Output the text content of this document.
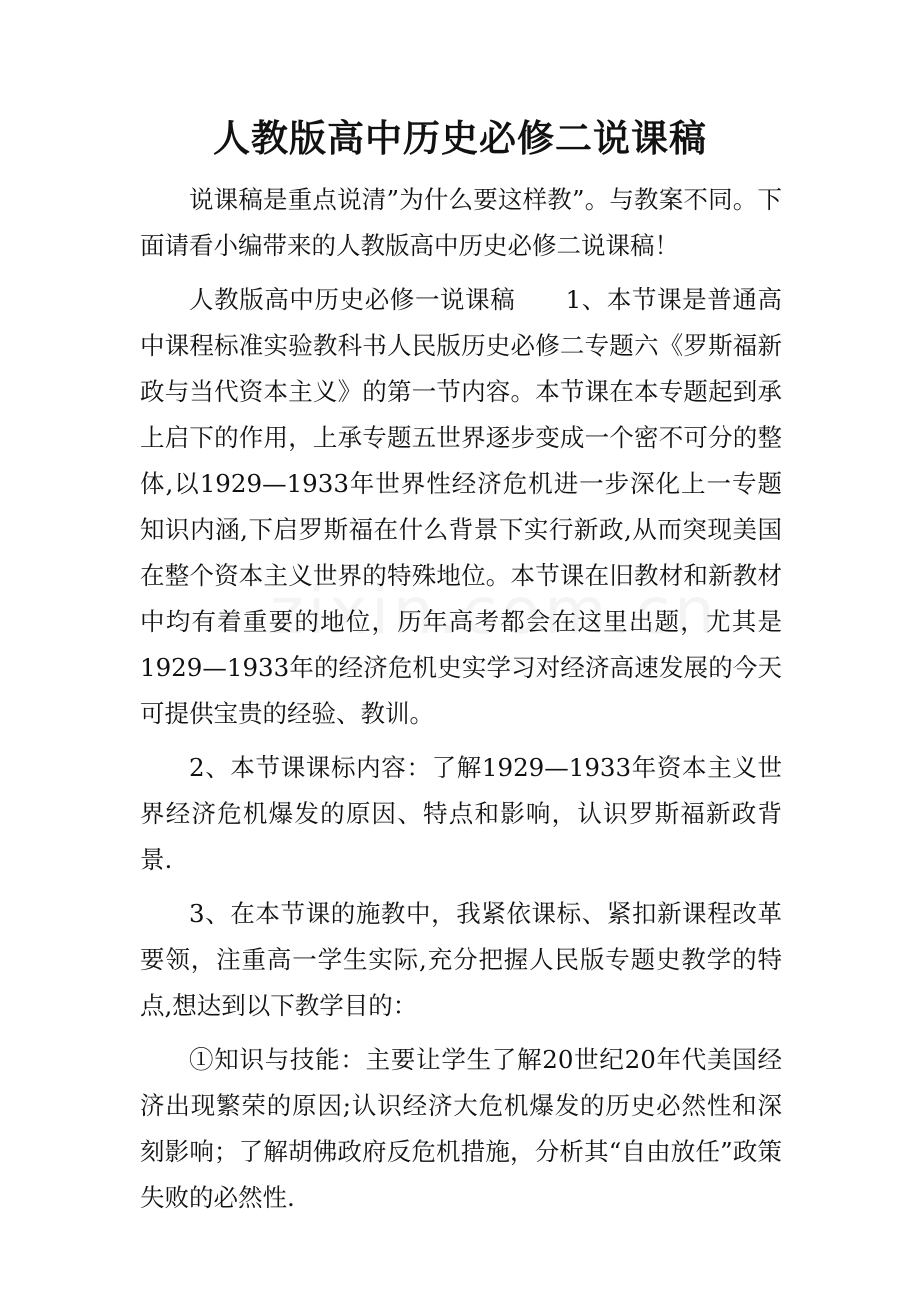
人教版高中历史必修二说课稿

说课稿是重点说清”为什么要这样教”。与教案不同。下面请看小编带来的人教版高中历史必修二说课稿！

人教版高中历史必修一说课稿　　1、本节课是普通高中课程标准实验教科书人民版历史必修二专题六《罗斯福新政与当代资本主义》的第一节内容。本节课在本专题起到承上启下的作用，上承专题五世界逐步变成一个密不可分的整体,以1929—1933年世界性经济危机进一步深化上一专题知识内涵,下启罗斯福在什么背景下实行新政,从而突现美国在整个资本主义世界的特殊地位。本节课在旧教材和新教材中均有着重要的地位，历年高考都会在这里出题，尤其是1929—1933年的经济危机史实学习对经济高速发展的今天可提供宝贵的经验、教训。

2、本节课课标内容：了解1929—1933年资本主义世界经济危机爆发的原因、特点和影响，认识罗斯福新政背景.

3、在本节课的施教中，我紧依课标、紧扣新课程改革要领，注重高一学生实际,充分把握人民版专题史教学的特点,想达到以下教学目的：

①知识与技能：主要让学生了解20世纪20年代美国经济出现繁荣的原因;认识经济大危机爆发的历史必然性和深刻影响；了解胡佛政府反危机措施，分析其“自由放任”政策失败的必然性.
